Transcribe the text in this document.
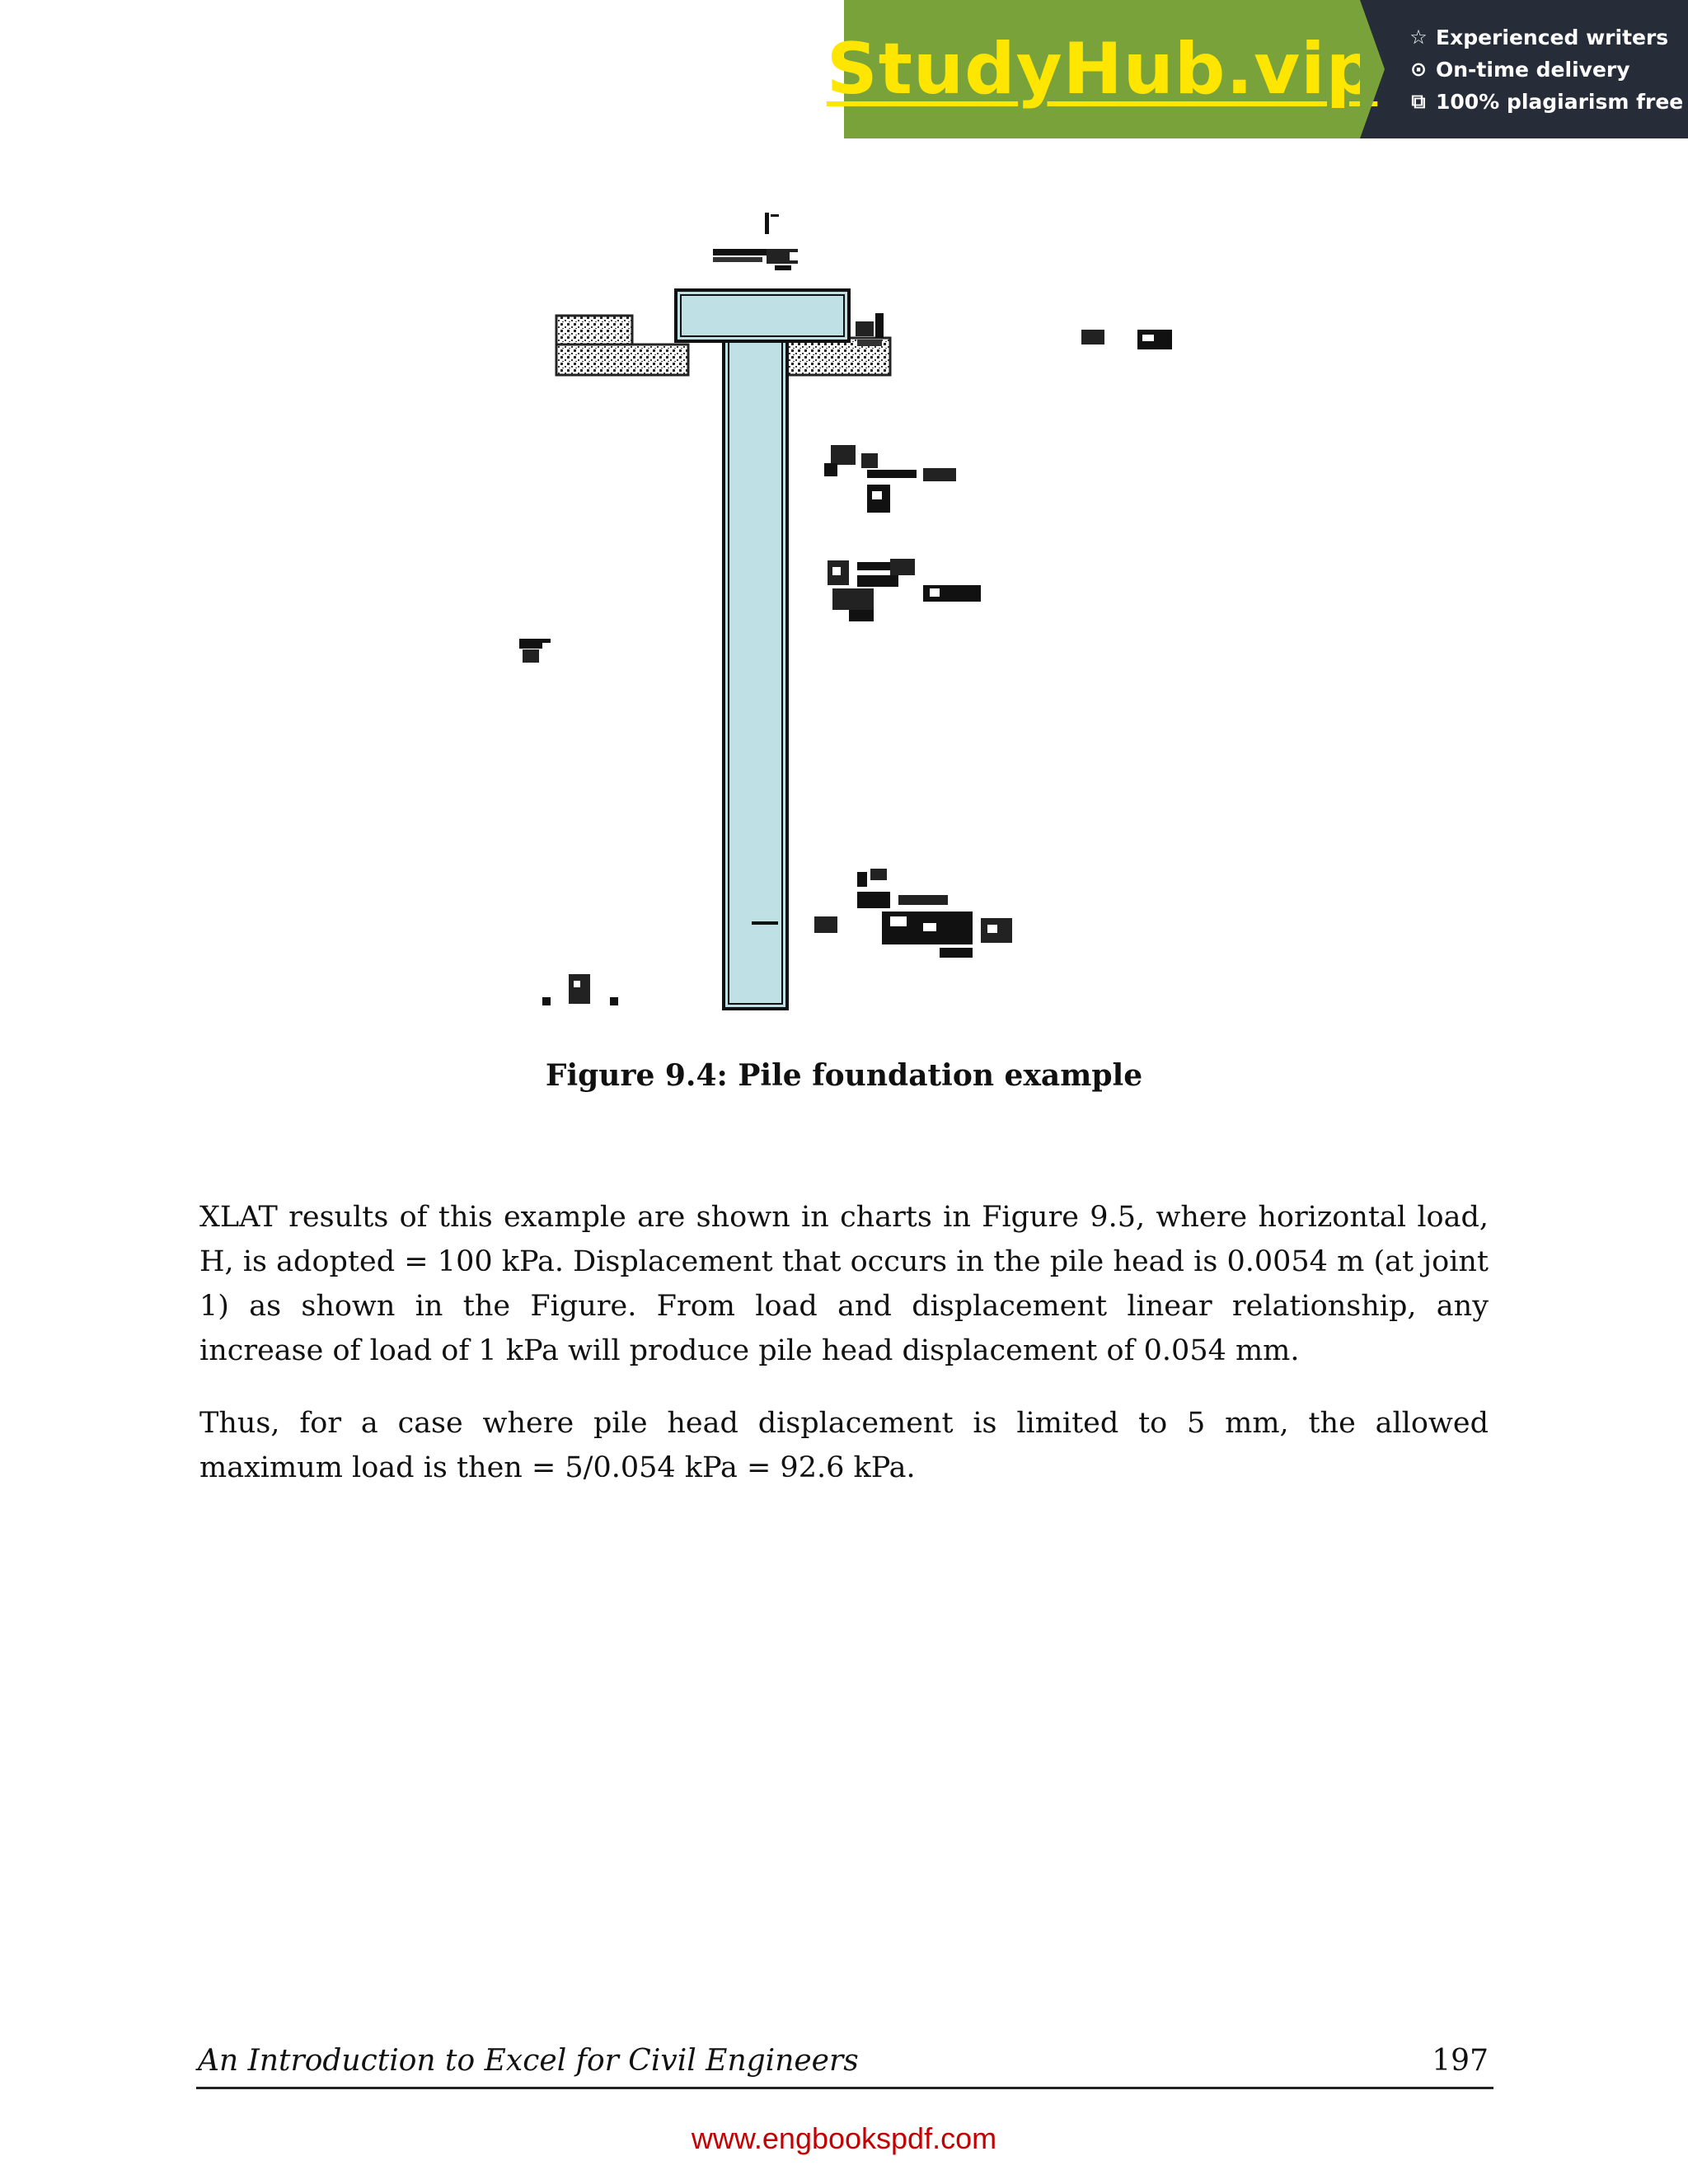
StudyHub.vip ☆ Experienced writers
⊙ On-time delivery
⧉ 100% plagiarism free
Figure 9.4: Pile foundation example

XLAT results of this example are shown in charts in Figure 9.5, where horizontal load, H, is adopted = 100 kPa. Displacement that occurs in the pile head is 0.0054 m (at joint 1) as shown in the Figure. From load and displacement linear relationship, any increase of load of 1 kPa will produce pile head displacement of 0.054 mm.

Thus, for a case where pile head displacement is limited to 5 mm, the allowed maximum load is then = 5/0.054 kPa = 92.6 kPa.

An Introduction to Excel for Civil Engineers	197
www.engbookspdf.com
